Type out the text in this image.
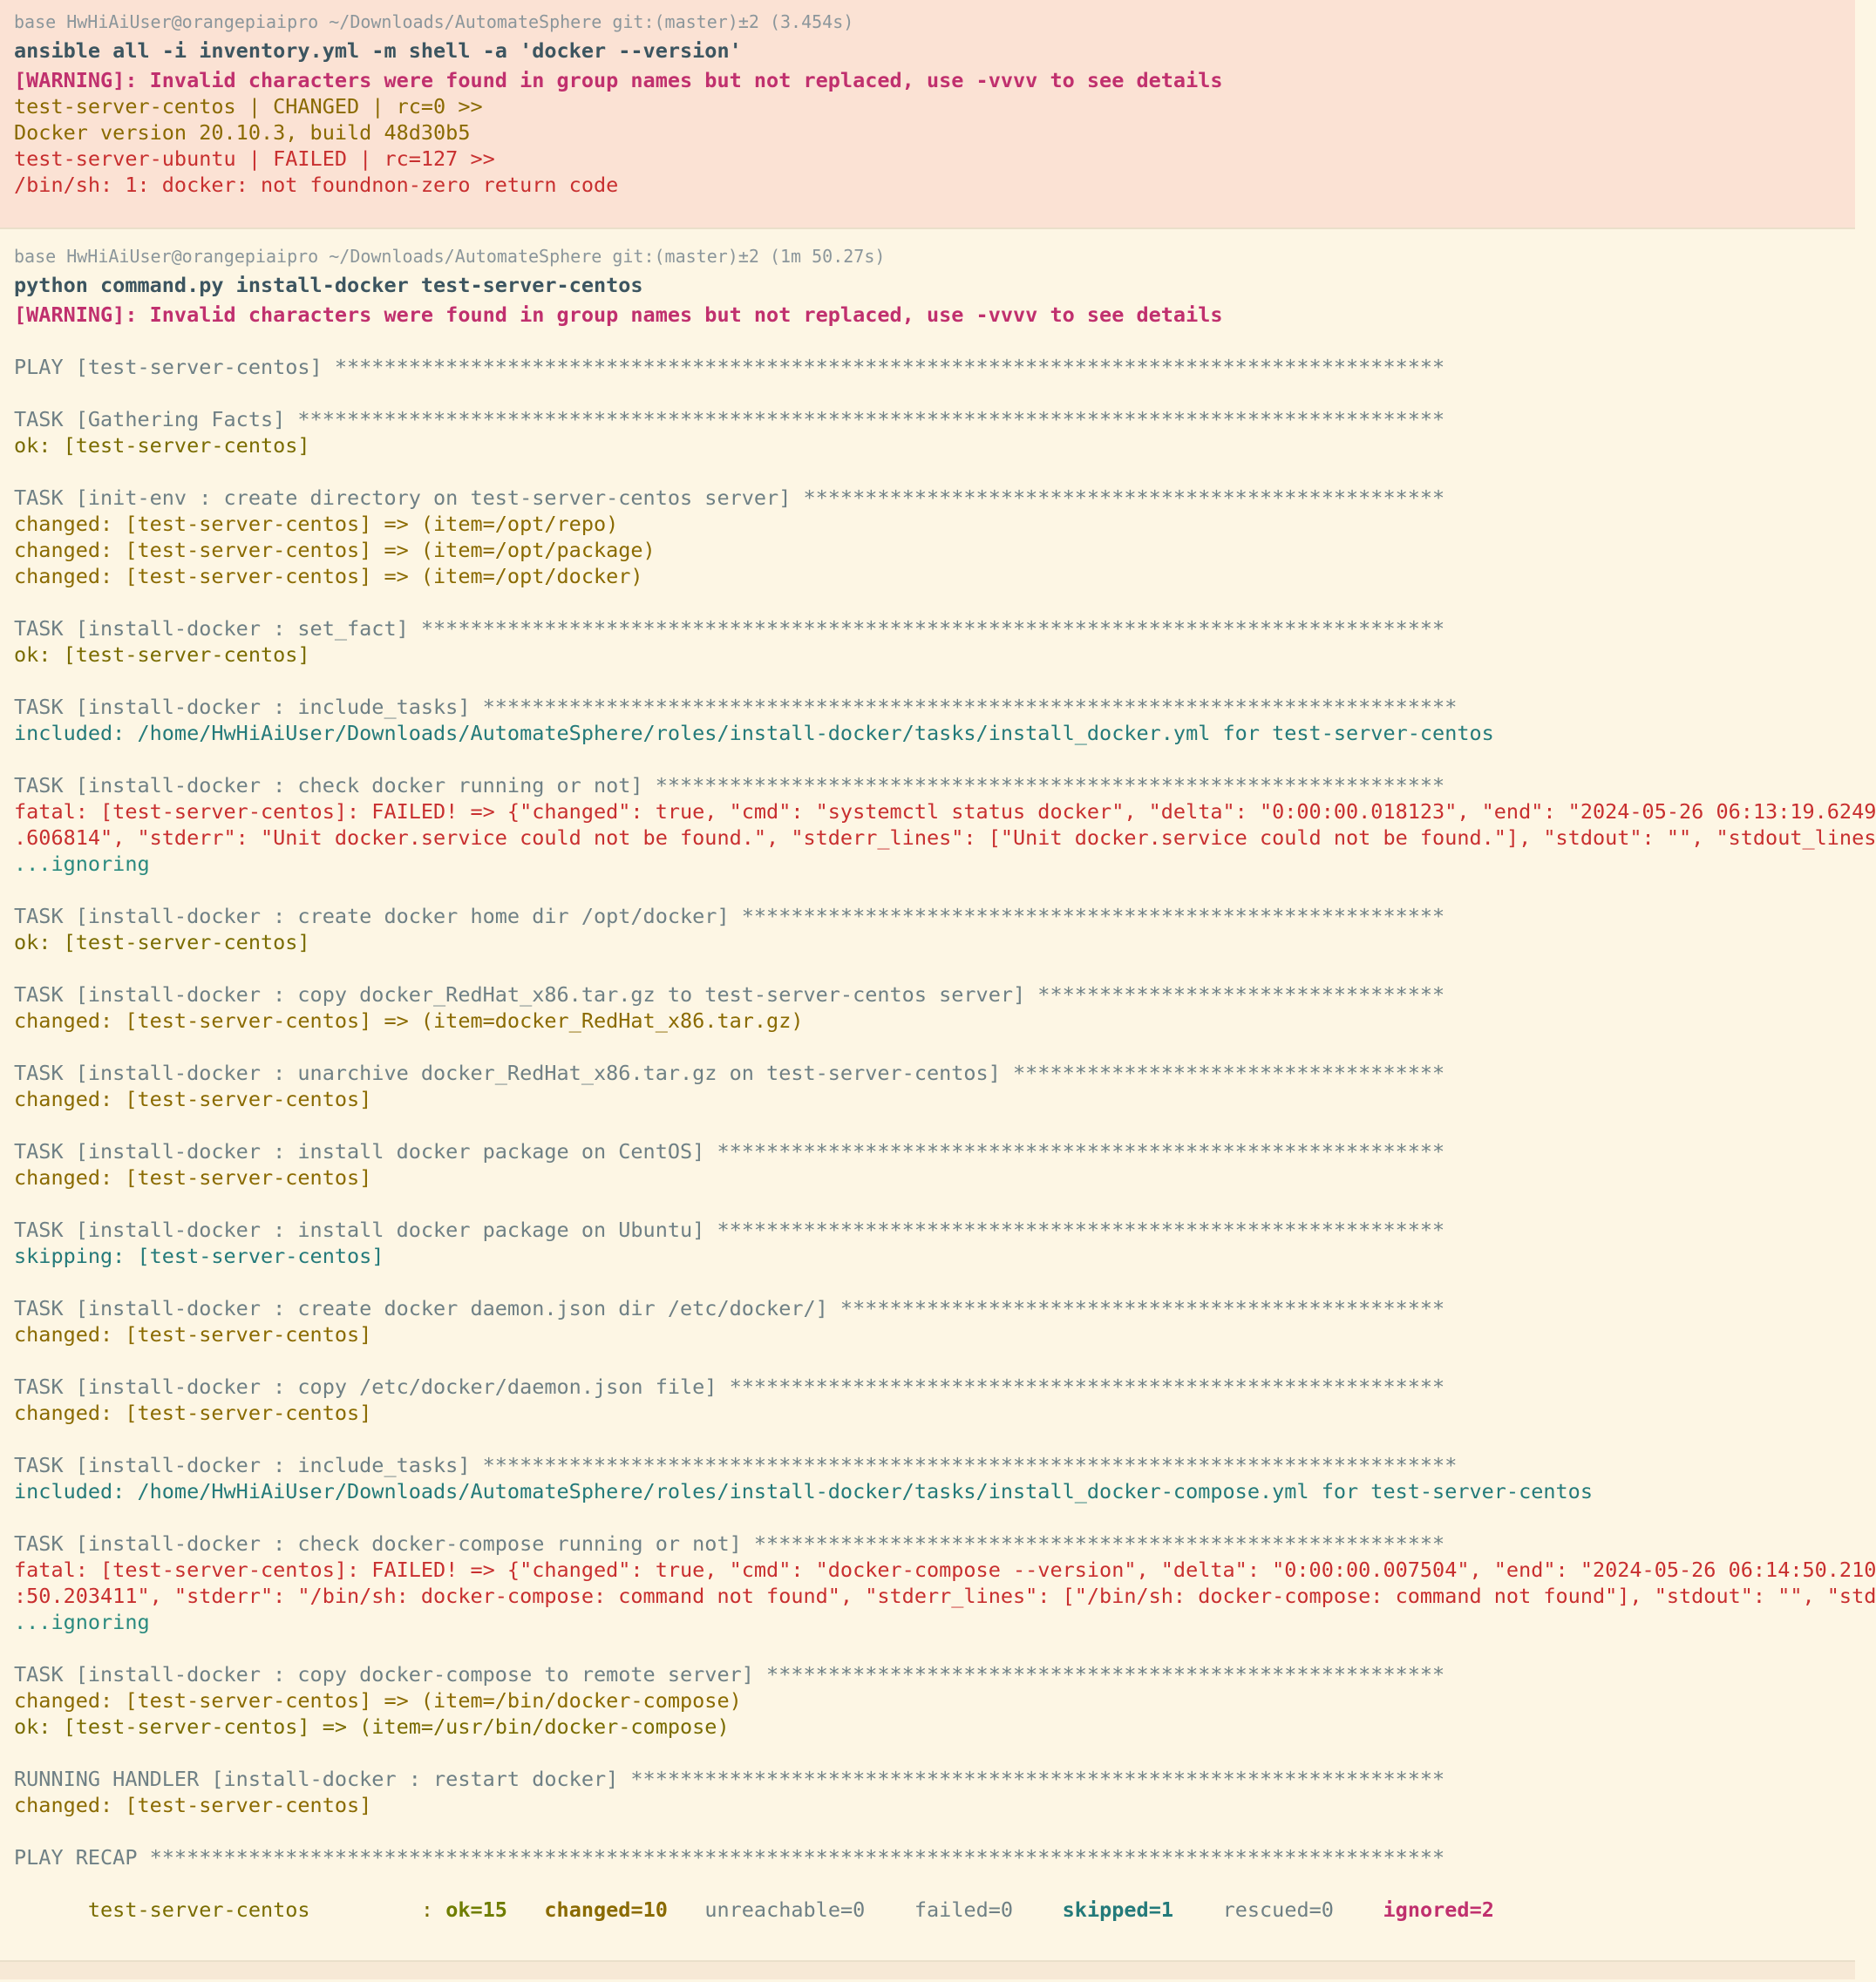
base HwHiAiUser@orangepiaipro ~/Downloads/AutomateSphere git:(master)±2 (3.454s)
ansible all -i inventory.yml -m shell -a 'docker --version'
[WARNING]: Invalid characters were found in group names but not replaced, use -vvvv to see details
test-server-centos | CHANGED | rc=0 >>
Docker version 20.10.3, build 48d30b5
test-server-ubuntu | FAILED | rc=127 >>
/bin/sh: 1: docker: not foundnon-zero return code
base HwHiAiUser@orangepiaipro ~/Downloads/AutomateSphere git:(master)±2 (1m 50.27s)
python command.py install-docker test-server-centos
[WARNING]: Invalid characters were found in group names but not replaced, use -vvvv to see details
PLAY [test-server-centos] ******************************************************************************************
TASK [Gathering Facts] *********************************************************************************************
ok: [test-server-centos]
TASK [init-env : create directory on test-server-centos server] ****************************************************
changed: [test-server-centos] => (item=/opt/repo)
changed: [test-server-centos] => (item=/opt/package)
changed: [test-server-centos] => (item=/opt/docker)
TASK [install-docker : set_fact] ***********************************************************************************
ok: [test-server-centos]
TASK [install-docker : include_tasks] *******************************************************************************
included: /home/HwHiAiUser/Downloads/AutomateSphere/roles/install-docker/tasks/install_docker.yml for test-server-centos
TASK [install-docker : check docker running or not] ****************************************************************
fatal: [test-server-centos]: FAILED! => {"changed": true, "cmd": "systemctl status docker", "delta": "0:00:00.018123", "end": "2024-05-26 06:13:19.6249
.606814", "stderr": "Unit docker.service could not be found.", "stderr_lines": ["Unit docker.service could not be found."], "stdout": "", "stdout_lines
...ignoring
TASK [install-docker : create docker home dir /opt/docker] *********************************************************
ok: [test-server-centos]
TASK [install-docker : copy docker_RedHat_x86.tar.gz to test-server-centos server] *********************************
changed: [test-server-centos] => (item=docker_RedHat_x86.tar.gz)
TASK [install-docker : unarchive docker_RedHat_x86.tar.gz on test-server-centos] ***********************************
changed: [test-server-centos]
TASK [install-docker : install docker package on CentOS] ***********************************************************
changed: [test-server-centos]
TASK [install-docker : install docker package on Ubuntu] ***********************************************************
skipping: [test-server-centos]
TASK [install-docker : create docker daemon.json dir /etc/docker/] *************************************************
changed: [test-server-centos]
TASK [install-docker : copy /etc/docker/daemon.json file] **********************************************************
changed: [test-server-centos]
TASK [install-docker : include_tasks] *******************************************************************************
included: /home/HwHiAiUser/Downloads/AutomateSphere/roles/install-docker/tasks/install_docker-compose.yml for test-server-centos
TASK [install-docker : check docker-compose running or not] ********************************************************
fatal: [test-server-centos]: FAILED! => {"changed": true, "cmd": "docker-compose --version", "delta": "0:00:00.007504", "end": "2024-05-26 06:14:50.210
:50.203411", "stderr": "/bin/sh: docker-compose: command not found", "stderr_lines": ["/bin/sh: docker-compose: command not found"], "stdout": "", "std
...ignoring
TASK [install-docker : copy docker-compose to remote server] *******************************************************
changed: [test-server-centos] => (item=/bin/docker-compose)
ok: [test-server-centos] => (item=/usr/bin/docker-compose)
RUNNING HANDLER [install-docker : restart docker] ******************************************************************
changed: [test-server-centos]
PLAY RECAP *********************************************************************************************************

test-server-centos         : ok=15 changed=10 unreachable=0 failed=0 skipped=1 rescued=0 ignored=2
